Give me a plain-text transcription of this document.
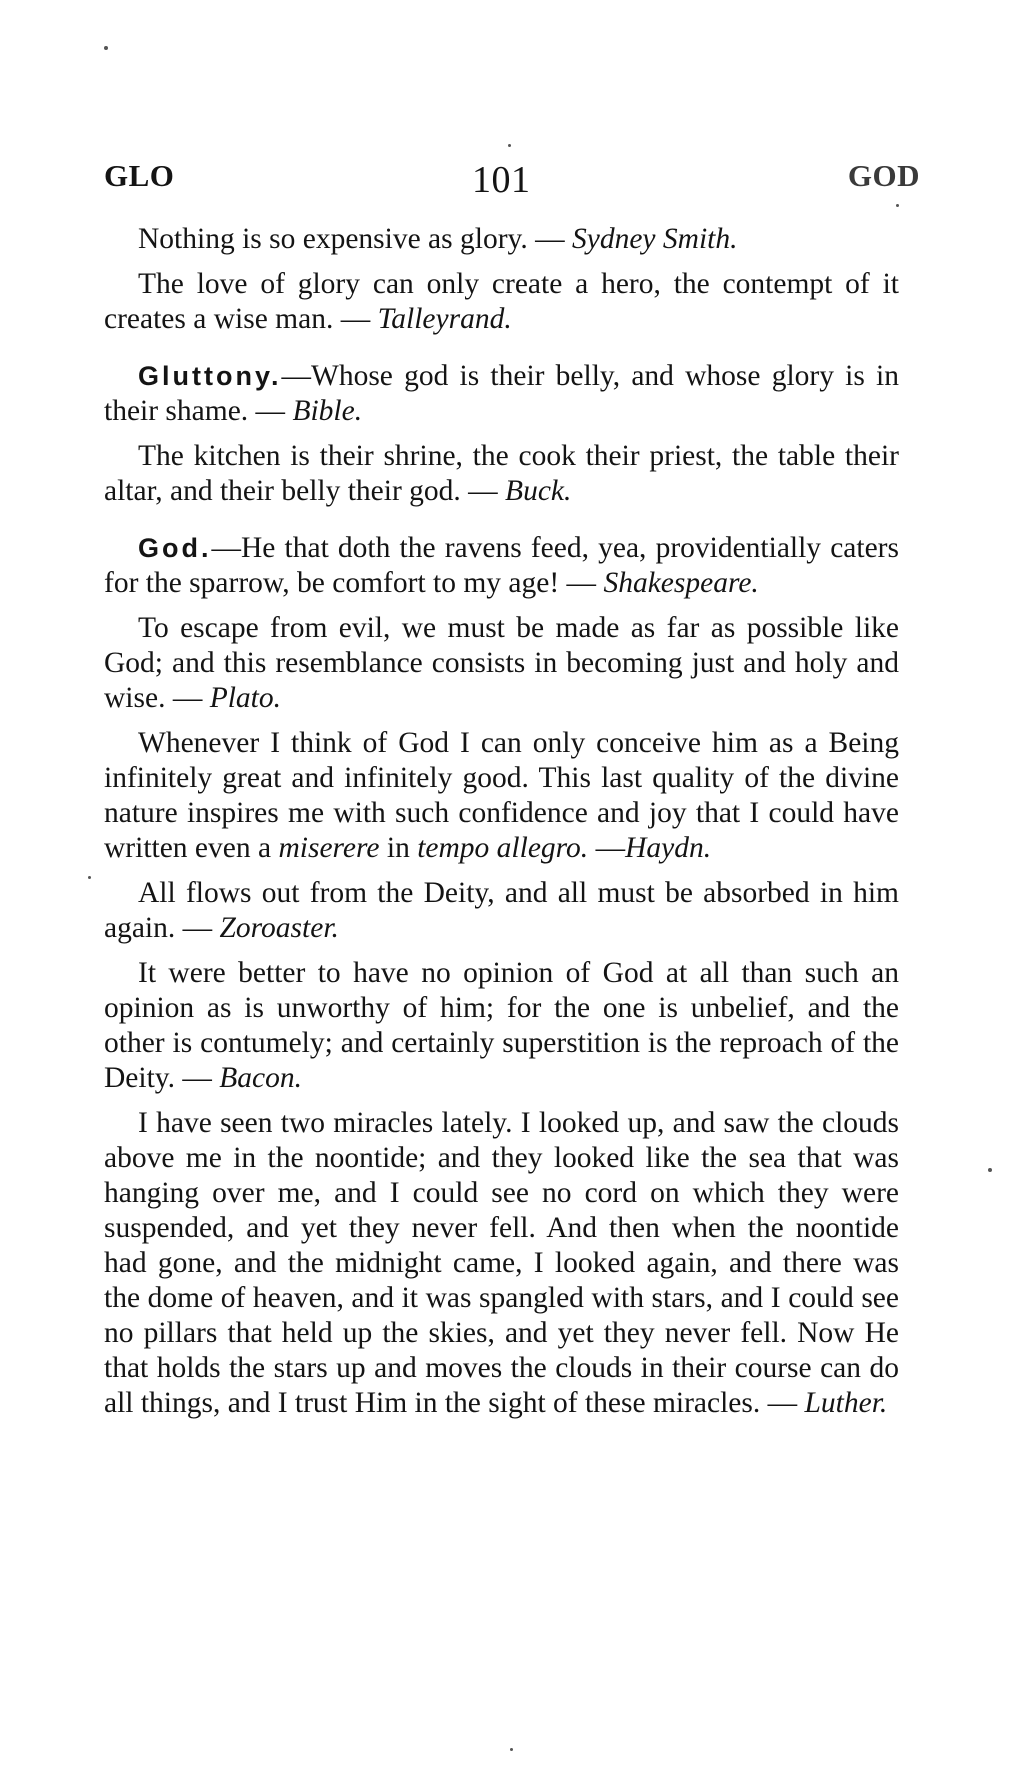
GLO	101	GOD

Nothing is so expensive as glory. — Sydney Smith.

The love of glory can only create a hero, the contempt of it creates a wise man. — Talleyrand.

Gluttony.—Whose god is their belly, and whose glory is in their shame. — Bible.

The kitchen is their shrine, the cook their priest, the table their altar, and their belly their god. — Buck.

God.—He that doth the ravens feed, yea, providentially caters for the sparrow, be comfort to my age! — Shakespeare.

To escape from evil, we must be made as far as possible like God; and this resemblance consists in becoming just and holy and wise. — Plato.

Whenever I think of God I can only conceive him as a Being infinitely great and infinitely good. This last quality of the divine nature inspires me with such confidence and joy that I could have written even a miserere in tempo allegro. —Haydn.

All flows out from the Deity, and all must be absorbed in him again. — Zoroaster.

It were better to have no opinion of God at all than such an opinion as is unworthy of him; for the one is unbelief, and the other is contumely; and certainly superstition is the reproach of the Deity. — Bacon.

I have seen two miracles lately. I looked up, and saw the clouds above me in the noontide; and they looked like the sea that was hanging over me, and I could see no cord on which they were suspended, and yet they never fell. And then when the noontide had gone, and the midnight came, I looked again, and there was the dome of heaven, and it was spangled with stars, and I could see no pillars that held up the skies, and yet they never fell. Now He that holds the stars up and moves the clouds in their course can do all things, and I trust Him in the sight of these miracles. — Luther.
